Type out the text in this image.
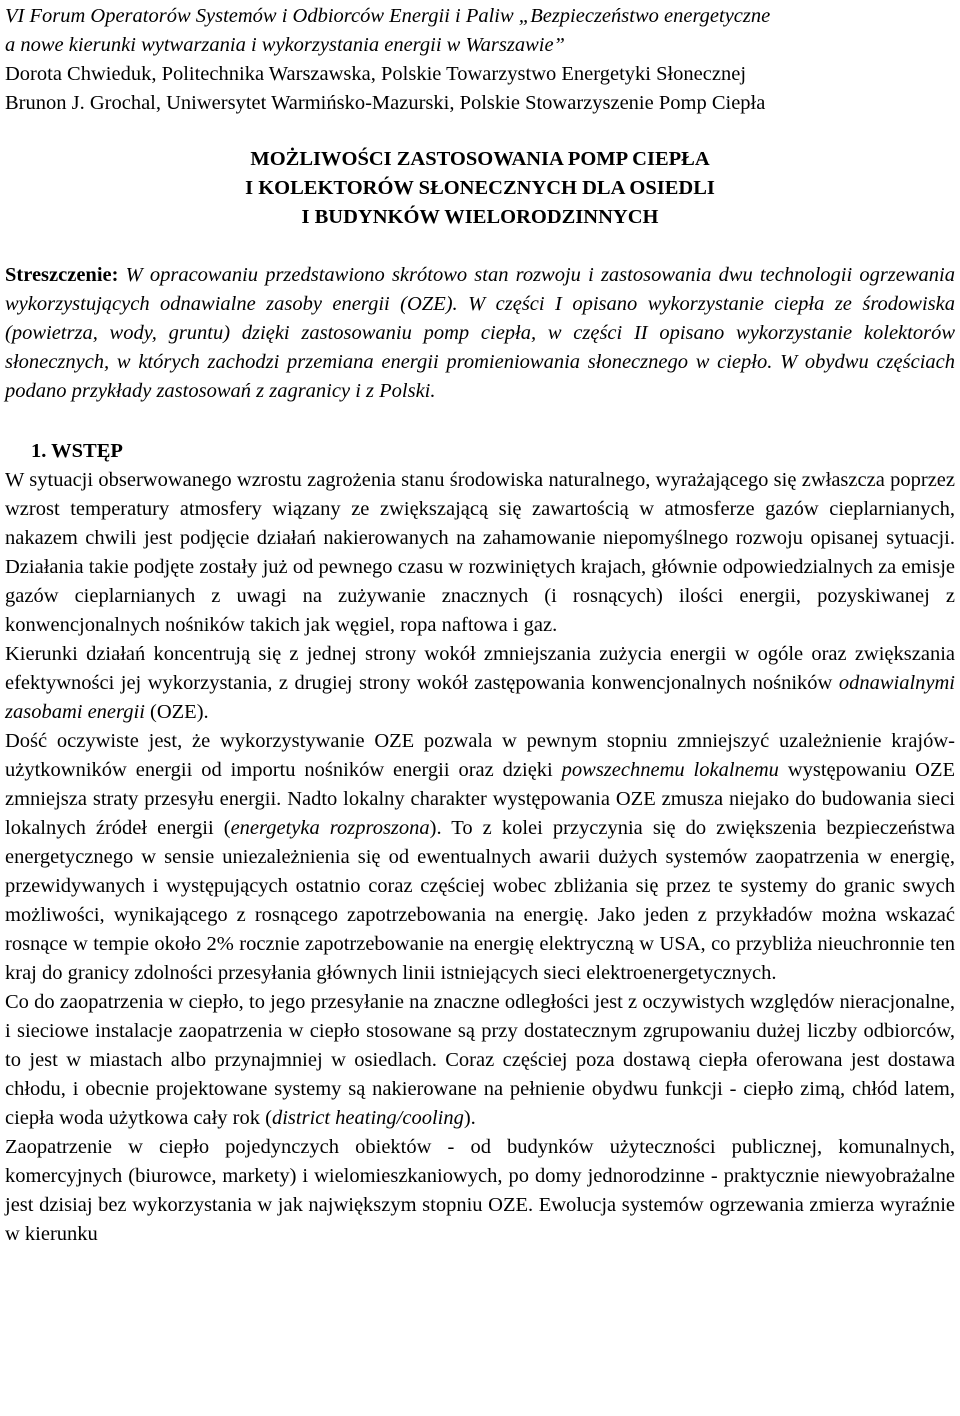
VI Forum Operatorów Systemów i Odbiorców Energii i Paliw „Bezpieczeństwo energetyczne
a nowe kierunki wytwarzania i wykorzystania energii w Warszawie”
Dorota Chwieduk, Politechnika Warszawska, Polskie Towarzystwo Energetyki Słonecznej
Brunon J. Grochal, Uniwersytet Warmińsko-Mazurski, Polskie Stowarzyszenie Pomp Ciepła
MOŻLIWOŚCI ZASTOSOWANIA POMP CIEPŁA
I KOLEKTORÓW SŁONECZNYCH DLA OSIEDLI
I BUDYNKÓW WIELORODZINNYCH

Streszczenie: W opracowaniu przedstawiono skrótowo stan rozwoju i zastosowania dwu technologii ogrzewania wykorzystujących odnawialne zasoby energii (OZE). W części I opisano wykorzystanie ciepła ze środowiska (powietrza, wody, gruntu) dzięki zastosowaniu pomp ciepła, w części II opisano wykorzystanie kolektorów słonecznych, w których zachodzi przemiana energii promieniowania słonecznego w ciepło. W obydwu częściach podano przykłady zastosowań z zagranicy i z Polski.

1. WSTĘP

W sytuacji obserwowanego wzrostu zagrożenia stanu środowiska naturalnego, wyrażającego się zwłaszcza poprzez wzrost temperatury atmosfery wiązany ze zwiększającą się zawartością w atmosferze gazów cieplarnianych, nakazem chwili jest podjęcie działań nakierowanych na zahamowanie niepomyślnego rozwoju opisanej sytuacji. Działania takie podjęte zostały już od pewnego czasu w rozwiniętych krajach, głównie odpowiedzialnych za emisje gazów cieplarnianych z uwagi na zużywanie znacznych (i rosnących) ilości energii, pozyskiwanej z konwencjonalnych nośników takich jak węgiel, ropa naftowa i gaz.

Kierunki działań koncentrują się z jednej strony wokół zmniejszania zużycia energii w ogóle oraz zwiększania efektywności jej wykorzystania, z drugiej strony wokół zastępowania konwencjonalnych nośników odnawialnymi zasobami energii (OZE).

Dość oczywiste jest, że wykorzystywanie OZE pozwala w pewnym stopniu zmniejszyć uzależnienie krajów-użytkowników energii od importu nośników energii oraz dzięki powszechnemu lokalnemu występowaniu OZE zmniejsza straty przesyłu energii. Nadto lokalny charakter występowania OZE zmusza niejako do budowania sieci lokalnych źródeł energii (energetyka rozproszona). To z kolei przyczynia się do zwiększenia bezpieczeństwa energetycznego w sensie uniezależnienia się od ewentualnych awarii dużych systemów zaopatrzenia w energię, przewidywanych i występujących ostatnio coraz częściej wobec zbliżania się przez te systemy do granic swych możliwości, wynikającego z rosnącego zapotrzebowania na energię. Jako jeden z przykładów można wskazać rosnące w tempie około 2% rocznie zapotrzebowanie na energię elektryczną w USA, co przybliża nieuchronnie ten kraj do granicy zdolności przesyłania głównych linii istniejących sieci elektroenergetycznych.

Co do zaopatrzenia w ciepło, to jego przesyłanie na znaczne odległości jest z oczywistych względów nieracjonalne, i sieciowe instalacje zaopatrzenia w ciepło stosowane są przy dostatecznym zgrupowaniu dużej liczby odbiorców, to jest w miastach albo przynajmniej w osiedlach. Coraz częściej poza dostawą ciepła oferowana jest dostawa chłodu, i obecnie projektowane systemy są nakierowane na pełnienie obydwu funkcji - ciepło zimą, chłód latem, ciepła woda użytkowa cały rok (district heating/cooling).

Zaopatrzenie w ciepło pojedynczych obiektów - od budynków użyteczności publicznej, komunalnych, komercyjnych (biurowce, markety) i wielomieszkaniowych, po domy jednorodzinne - praktycznie niewyobrażalne jest dzisiaj bez wykorzystania w jak największym stopniu OZE. Ewolucja systemów ogrzewania zmierza wyraźnie w kierunku
